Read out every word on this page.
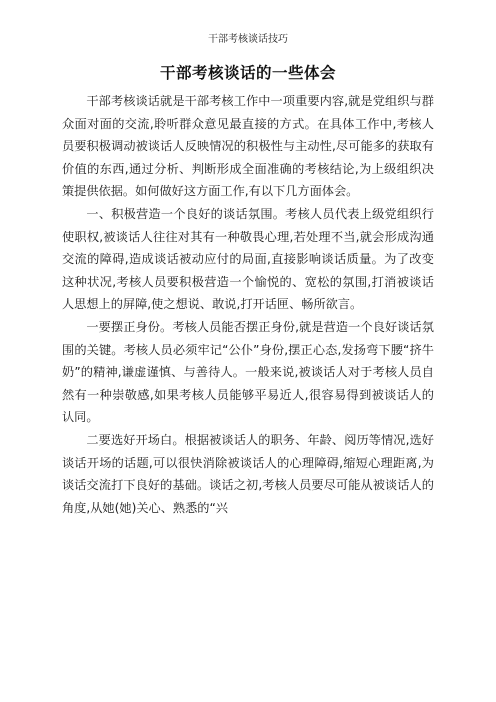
干部考核谈话技巧
干部考核谈话的一些体会

干部考核谈话就是干部考核工作中一项重要内容,就是党组织与群众面对面的交流,聆听群众意见最直接的方式。在具体工作中,考核人员要积极调动被谈话人反映情况的积极性与主动性,尽可能多的获取有价值的东西,通过分析、判断形成全面准确的考核结论,为上级组织决策提供依据。如何做好这方面工作,有以下几方面体会。

一、积极营造一个良好的谈话氛围。考核人员代表上级党组织行使职权,被谈话人往往对其有一种敬畏心理,若处理不当,就会形成沟通交流的障碍,造成谈话被动应付的局面,直接影响谈话质量。为了改变这种状况,考核人员要积极营造一个愉悦的、宽松的氛围,打消被谈话人思想上的屏障,使之想说、敢说,打开话匣、畅所欲言。

一要摆正身份。考核人员能否摆正身份,就是营造一个良好谈话氛围的关键。考核人员必须牢记“公仆”身份,摆正心态,发扬弯下腰“挤牛奶”的精神,谦虚谨慎、与善待人。一般来说,被谈话人对于考核人员自然有一种崇敬感,如果考核人员能够平易近人,很容易得到被谈话人的认同。

二要选好开场白。根据被谈话人的职务、年龄、阅历等情况,选好谈话开场的话题,可以很快消除被谈话人的心理障碍,缩短心理距离,为谈话交流打下良好的基础。谈话之初,考核人员要尽可能从被谈话人的角度,从她(她)关心、熟悉的“兴
